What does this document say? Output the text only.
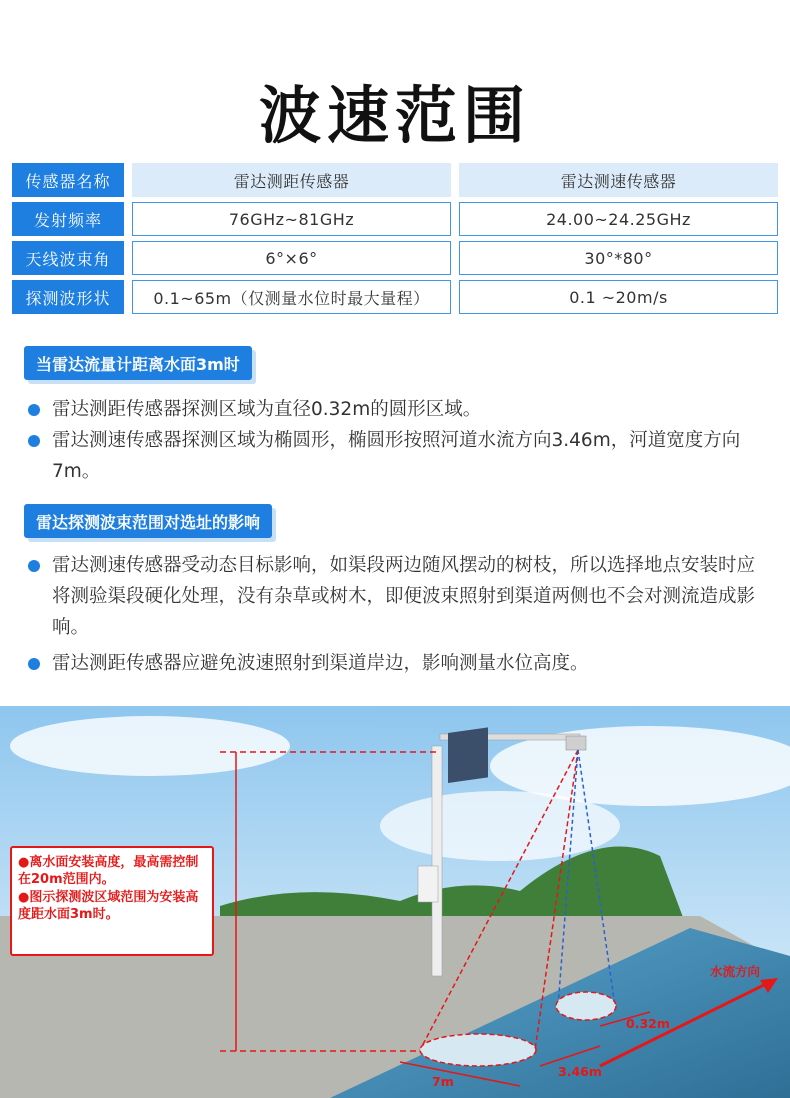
波速范围
传感器名称	雷达测距传感器	雷达测速传感器
发射频率	76GHz~81GHz	24.00~24.25GHz
天线波束角	6°×6°	30°*80°
探测波形状	0.1~65m（仅测量水位时最大量程）	0.1 ~20m/s
当雷达流量计距离水面3m时
雷达测距传感器探测区域为直径0.32m的圆形区域。
雷达测速传感器探测区域为椭圆形，椭圆形按照河道水流方向3.46m，河道宽度方向7m。
雷达探测波束范围对选址的影响
雷达测速传感器受动态目标影响，如渠段两边随风摆动的树枝，所以选择地点安装时应将测验渠段硬化处理，没有杂草或树木，即便波束照射到渠道两侧也不会对测流造成影响。
雷达测距传感器应避免波速照射到渠道岸边，影响测量水位高度。

●离水面安装高度，最高需控制在20m范围内。

●图示探测波区域范围为安装高度距水面3m时。

水流方向
0.32m
3.46m
7m
